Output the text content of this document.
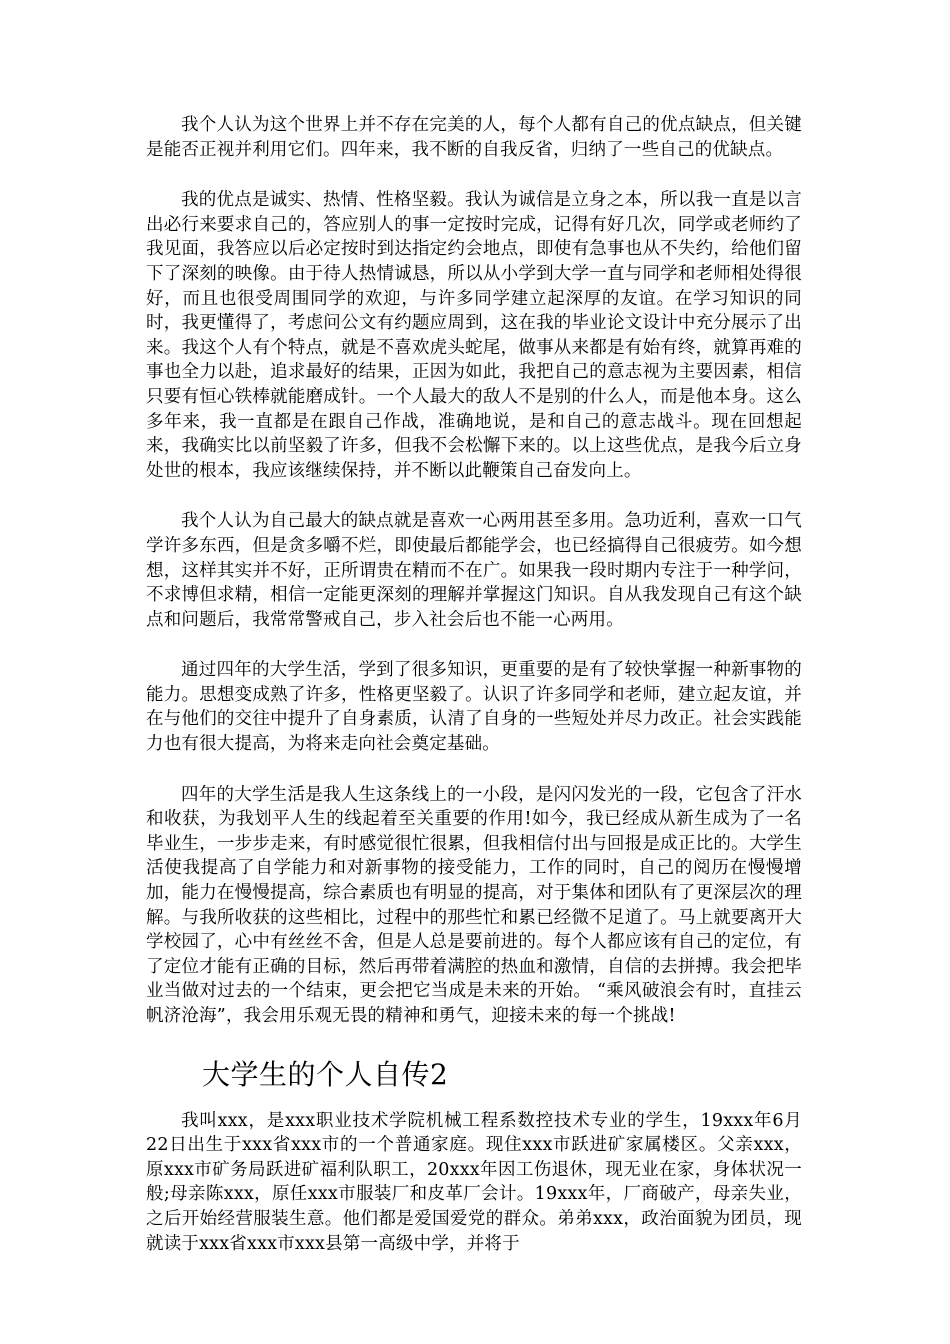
我个人认为这个世界上并不存在完美的人，每个人都有自己的优点缺点，但关键是能否正视并利用它们。四年来，我不断的自我反省，归纳了一些自己的优缺点。

我的优点是诚实、热情、性格坚毅。我认为诚信是立身之本，所以我一直是以言出必行来要求自己的，答应别人的事一定按时完成，记得有好几次，同学或老师约了我见面，我答应以后必定按时到达指定约会地点，即使有急事也从不失约，给他们留下了深刻的映像。由于待人热情诚恳，所以从小学到大学一直与同学和老师相处得很好，而且也很受周围同学的欢迎，与许多同学建立起深厚的友谊。在学习知识的同时，我更懂得了，考虑问公文有约题应周到，这在我的毕业论文设计中充分展示了出来。我这个人有个特点，就是不喜欢虎头蛇尾，做事从来都是有始有终，就算再难的事也全力以赴，追求最好的结果，正因为如此，我把自己的意志视为主要因素，相信只要有恒心铁棒就能磨成针。一个人最大的敌人不是别的什么人，而是他本身。这么多年来，我一直都是在跟自己作战，准确地说，是和自己的意志战斗。现在回想起来，我确实比以前坚毅了许多，但我不会松懈下来的。以上这些优点，是我今后立身处世的根本，我应该继续保持，并不断以此鞭策自己奋发向上。

我个人认为自己最大的缺点就是喜欢一心两用甚至多用。急功近利，喜欢一口气学许多东西，但是贪多嚼不烂，即使最后都能学会，也已经搞得自己很疲劳。如今想想，这样其实并不好，正所谓贵在精而不在广。如果我一段时期内专注于一种学问，不求博但求精，相信一定能更深刻的理解并掌握这门知识。自从我发现自己有这个缺点和问题后，我常常警戒自己，步入社会后也不能一心两用。

通过四年的大学生活，学到了很多知识，更重要的是有了较快掌握一种新事物的能力。思想变成熟了许多，性格更坚毅了。认识了许多同学和老师，建立起友谊，并在与他们的交往中提升了自身素质，认清了自身的一些短处并尽力改正。社会实践能力也有很大提高，为将来走向社会奠定基础。

四年的大学生活是我人生这条线上的一小段，是闪闪发光的一段，它包含了汗水和收获，为我划平人生的线起着至关重要的作用!如今，我已经成从新生成为了一名毕业生，一步步走来，有时感觉很忙很累，但我相信付出与回报是成正比的。大学生活使我提高了自学能力和对新事物的接受能力，工作的同时，自己的阅历在慢慢增加，能力在慢慢提高，综合素质也有明显的提高，对于集体和团队有了更深层次的理解。与我所收获的这些相比，过程中的那些忙和累已经微不足道了。马上就要离开大学校园了，心中有丝丝不舍，但是人总是要前进的。每个人都应该有自己的定位，有了定位才能有正确的目标，然后再带着满腔的热血和激情，自信的去拼搏。我会把毕业当做对过去的一个结束，更会把它当成是未来的开始。 “乘风破浪会有时，直挂云帆济沧海”，我会用乐观无畏的精神和勇气，迎接未来的每一个挑战!

大学生的个人自传2

我叫xxx，是xxx职业技术学院机械工程系数控技术专业的学生，19xxx年6月22日出生于xxx省xxx市的一个普通家庭。现住xxx市跃进矿家属楼区。父亲xxx，原xxx市矿务局跃进矿福利队职工，20xxx年因工伤退休，现无业在家，身体状况一般;母亲陈xxx，原任xxx市服装厂和皮革厂会计。19xxx年，厂商破产，母亲失业，之后开始经营服装生意。他们都是爱国爱党的群众。弟弟xxx，政治面貌为团员，现就读于xxx省xxx市xxx县第一高级中学，并将于
